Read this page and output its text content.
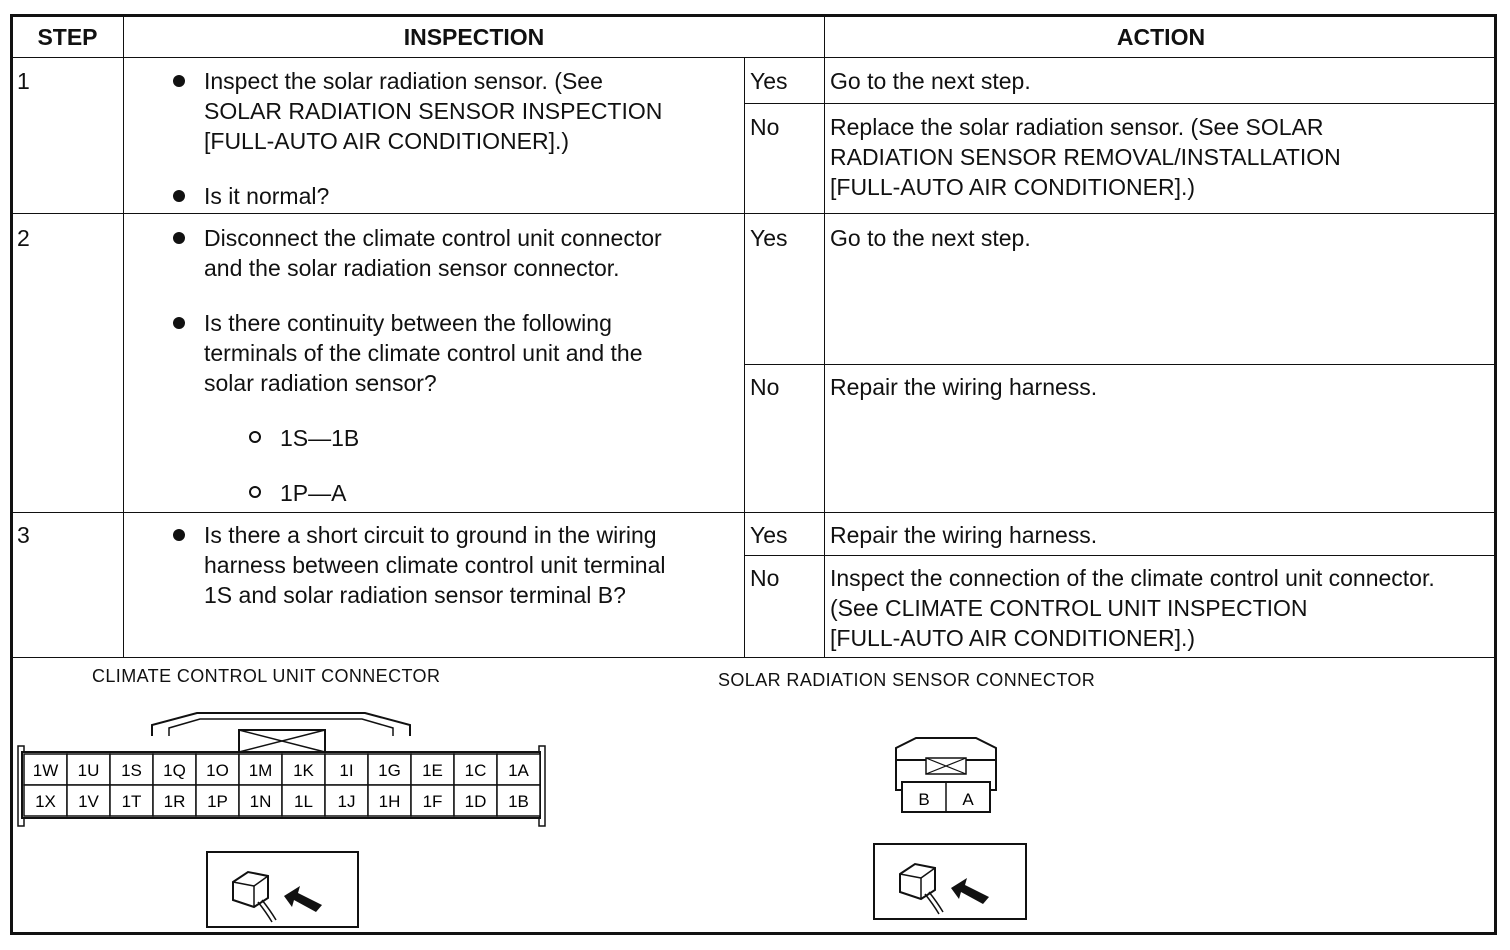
STEP	INSPECTION	ACTION
1	Inspect the solar radiation sensor. (See
SOLAR RADIATION SENSOR INSPECTION
[FULL-AUTO AIR CONDITIONER].)
Is it normal?
Yes Go to the next step.
No Replace the solar radiation sensor. (See SOLAR
RADIATION SENSOR REMOVAL/INSTALLATION
[FULL-AUTO AIR CONDITIONER].)
2	Disconnect the climate control unit connector
and the solar radiation sensor connector.
Is there continuity between the following
terminals of the climate control unit and the
solar radiation sensor?
1S—1B
1P—A
Yes Go to the next step.
No Repair the wiring harness.
3	Is there a short circuit to ground in the wiring
harness between climate control unit terminal
1S and solar radiation sensor terminal B?
Yes Repair the wiring harness.
No Inspect the connection of the climate control unit connector.
(See CLIMATE CONTROL UNIT INSPECTION
[FULL-AUTO AIR CONDITIONER].)
CLIMATE CONTROL UNIT CONNECTOR	SOLAR RADIATION SENSOR CONNECTOR
1W 1U 1S 1Q 1O 1M 1K 1I 1G 1E 1C 1A
1X 1V 1T 1R 1P 1N 1L 1J 1H 1F 1D 1B	B A
